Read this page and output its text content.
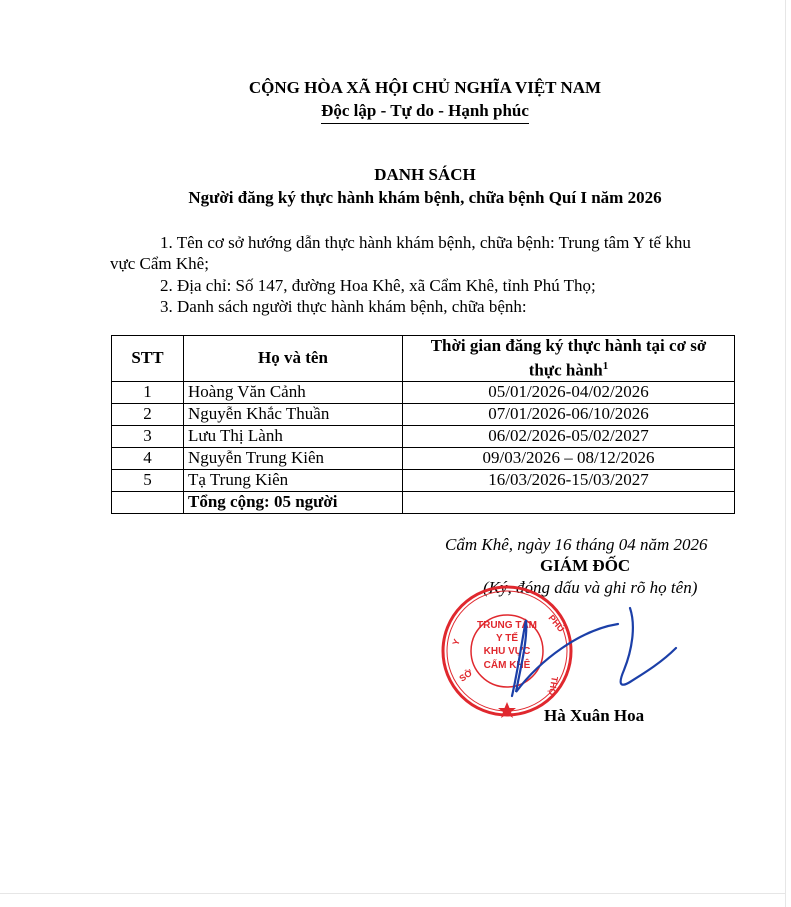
CỘNG HÒA XÃ HỘI CHỦ NGHĨA VIỆT NAM
Độc lập - Tự do - Hạnh phúc
DANH SÁCH
Người đăng ký thực hành khám bệnh, chữa bệnh Quí I năm 2026
1. Tên cơ sở hướng dẫn thực hành khám bệnh, chữa bệnh: Trung tâm Y tế khu
vực Cẩm Khê;
2. Địa chỉ: Số 147, đường Hoa Khê, xã Cẩm Khê, tỉnh Phú Thọ;
3. Danh sách người thực hành khám bệnh, chữa bệnh:
STT	Họ và tên	Thời gian đăng ký thực hành tại cơ sở
thực hành$^1$
1	Hoàng Văn Cảnh	05/01/2026-04/02/2026
2	Nguyễn Khắc Thuần	07/01/2026-06/10/2026
3	Lưu Thị Lành	06/02/2026-05/02/2027
4	Nguyễn Trung Kiên	09/03/2026 – 08/12/2026
5	Tạ Trung Kiên	16/03/2026-15/03/2027
	Tổng cộng: 05 người	
Cẩm Khê, ngày 16 tháng 04 năm 2026
GIÁM ĐỐC
(Ký, đóng dấu và ghi rõ họ tên)
TRUNG TÂM
Y TẾ
KHU VỰC
CẨM KHÊ
Y
SỞ
PHÚ
THỌ
Hà Xuân Hoa
